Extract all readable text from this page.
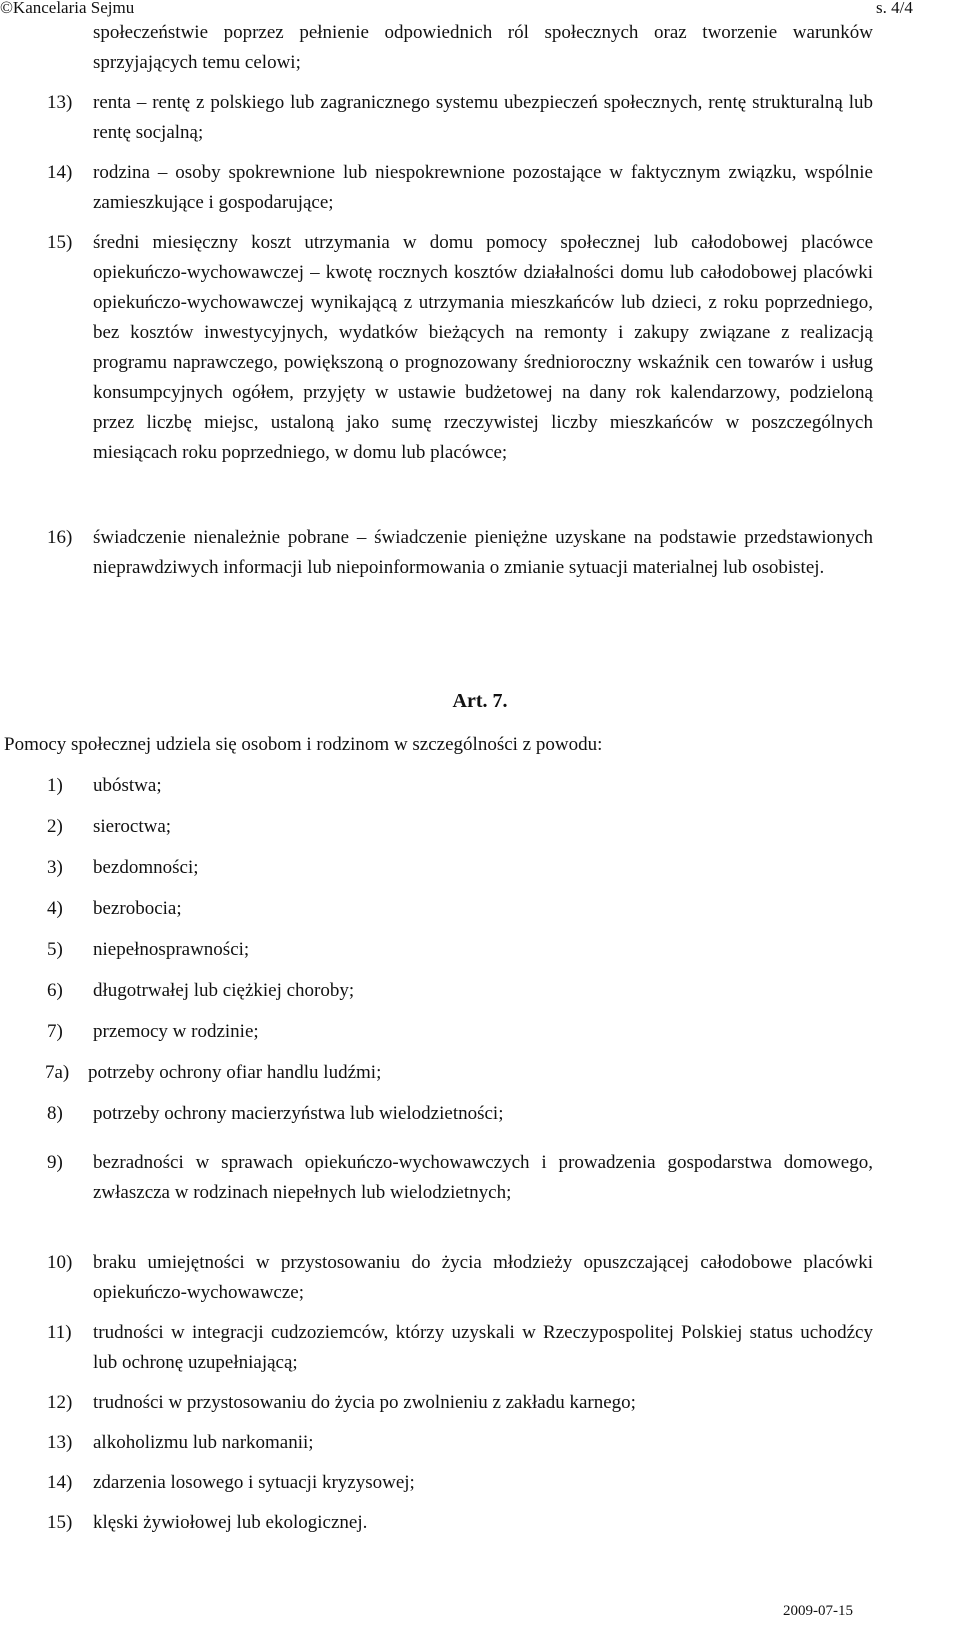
©Kancelaria Sejmu	s. 4/4
społeczeństwie poprzez pełnienie odpowiednich ról społecznych oraz tworzenie warunków sprzyjających temu celowi;
13) renta – rentę z polskiego lub zagranicznego systemu ubezpieczeń społecznych, rentę strukturalną lub rentę socjalną;
14) rodzina – osoby spokrewnione lub niespokrewnione pozostające w faktycznym związku, wspólnie zamieszkujące i gospodarujące;
15) średni miesięczny koszt utrzymania w domu pomocy społecznej lub całodobowej placówce opiekuńczo-wychowawczej – kwotę rocznych kosztów działalności domu lub całodobowej placówki opiekuńczo-wychowawczej wynikającą z utrzymania mieszkańców lub dzieci, z roku poprzedniego, bez kosztów inwestycyjnych, wydatków bieżących na remonty i zakupy związane z realizacją programu naprawczego, powiększoną o prognozowany średnioroczny wskaźnik cen towarów i usług konsumpcyjnych ogółem, przyjęty w ustawie budżetowej na dany rok kalendarzowy, podzieloną przez liczbę miejsc, ustaloną jako sumę rzeczywistej liczby mieszkańców w poszczególnych miesiącach roku poprzedniego, w domu lub placówce;
16) świadczenie nienależnie pobrane – świadczenie pieniężne uzyskane na podstawie przedstawionych nieprawdziwych informacji lub niepoinformowania o zmianie sytuacji materialnej lub osobistej.
Art. 7.
Pomocy społecznej udziela się osobom i rodzinom w szczególności z powodu:
1) ubóstwa;
2) sieroctwa;
3) bezdomności;
4) bezrobocia;
5) niepełnosprawności;
6) długotrwałej lub ciężkiej choroby;
7) przemocy w rodzinie;
7a) potrzeby ochrony ofiar handlu ludźmi;
8) potrzeby ochrony macierzyństwa lub wielodzietności;
9) bezradności w sprawach opiekuńczo-wychowawczych i prowadzenia gospodarstwa domowego, zwłaszcza w rodzinach niepełnych lub wielodzietnych;
10) braku umiejętności w przystosowaniu do życia młodzieży opuszczającej całodobowe placówki opiekuńczo-wychowawcze;
11) trudności w integracji cudzoziemców, którzy uzyskali w Rzeczypospolitej Polskiej status uchodźcy lub ochronę uzupełniającą;
12) trudności w przystosowaniu do życia po zwolnieniu z zakładu karnego;
13) alkoholizmu lub narkomanii;
14) zdarzenia losowego i sytuacji kryzysowej;
15) klęski żywiołowej lub ekologicznej.
2009-07-15
